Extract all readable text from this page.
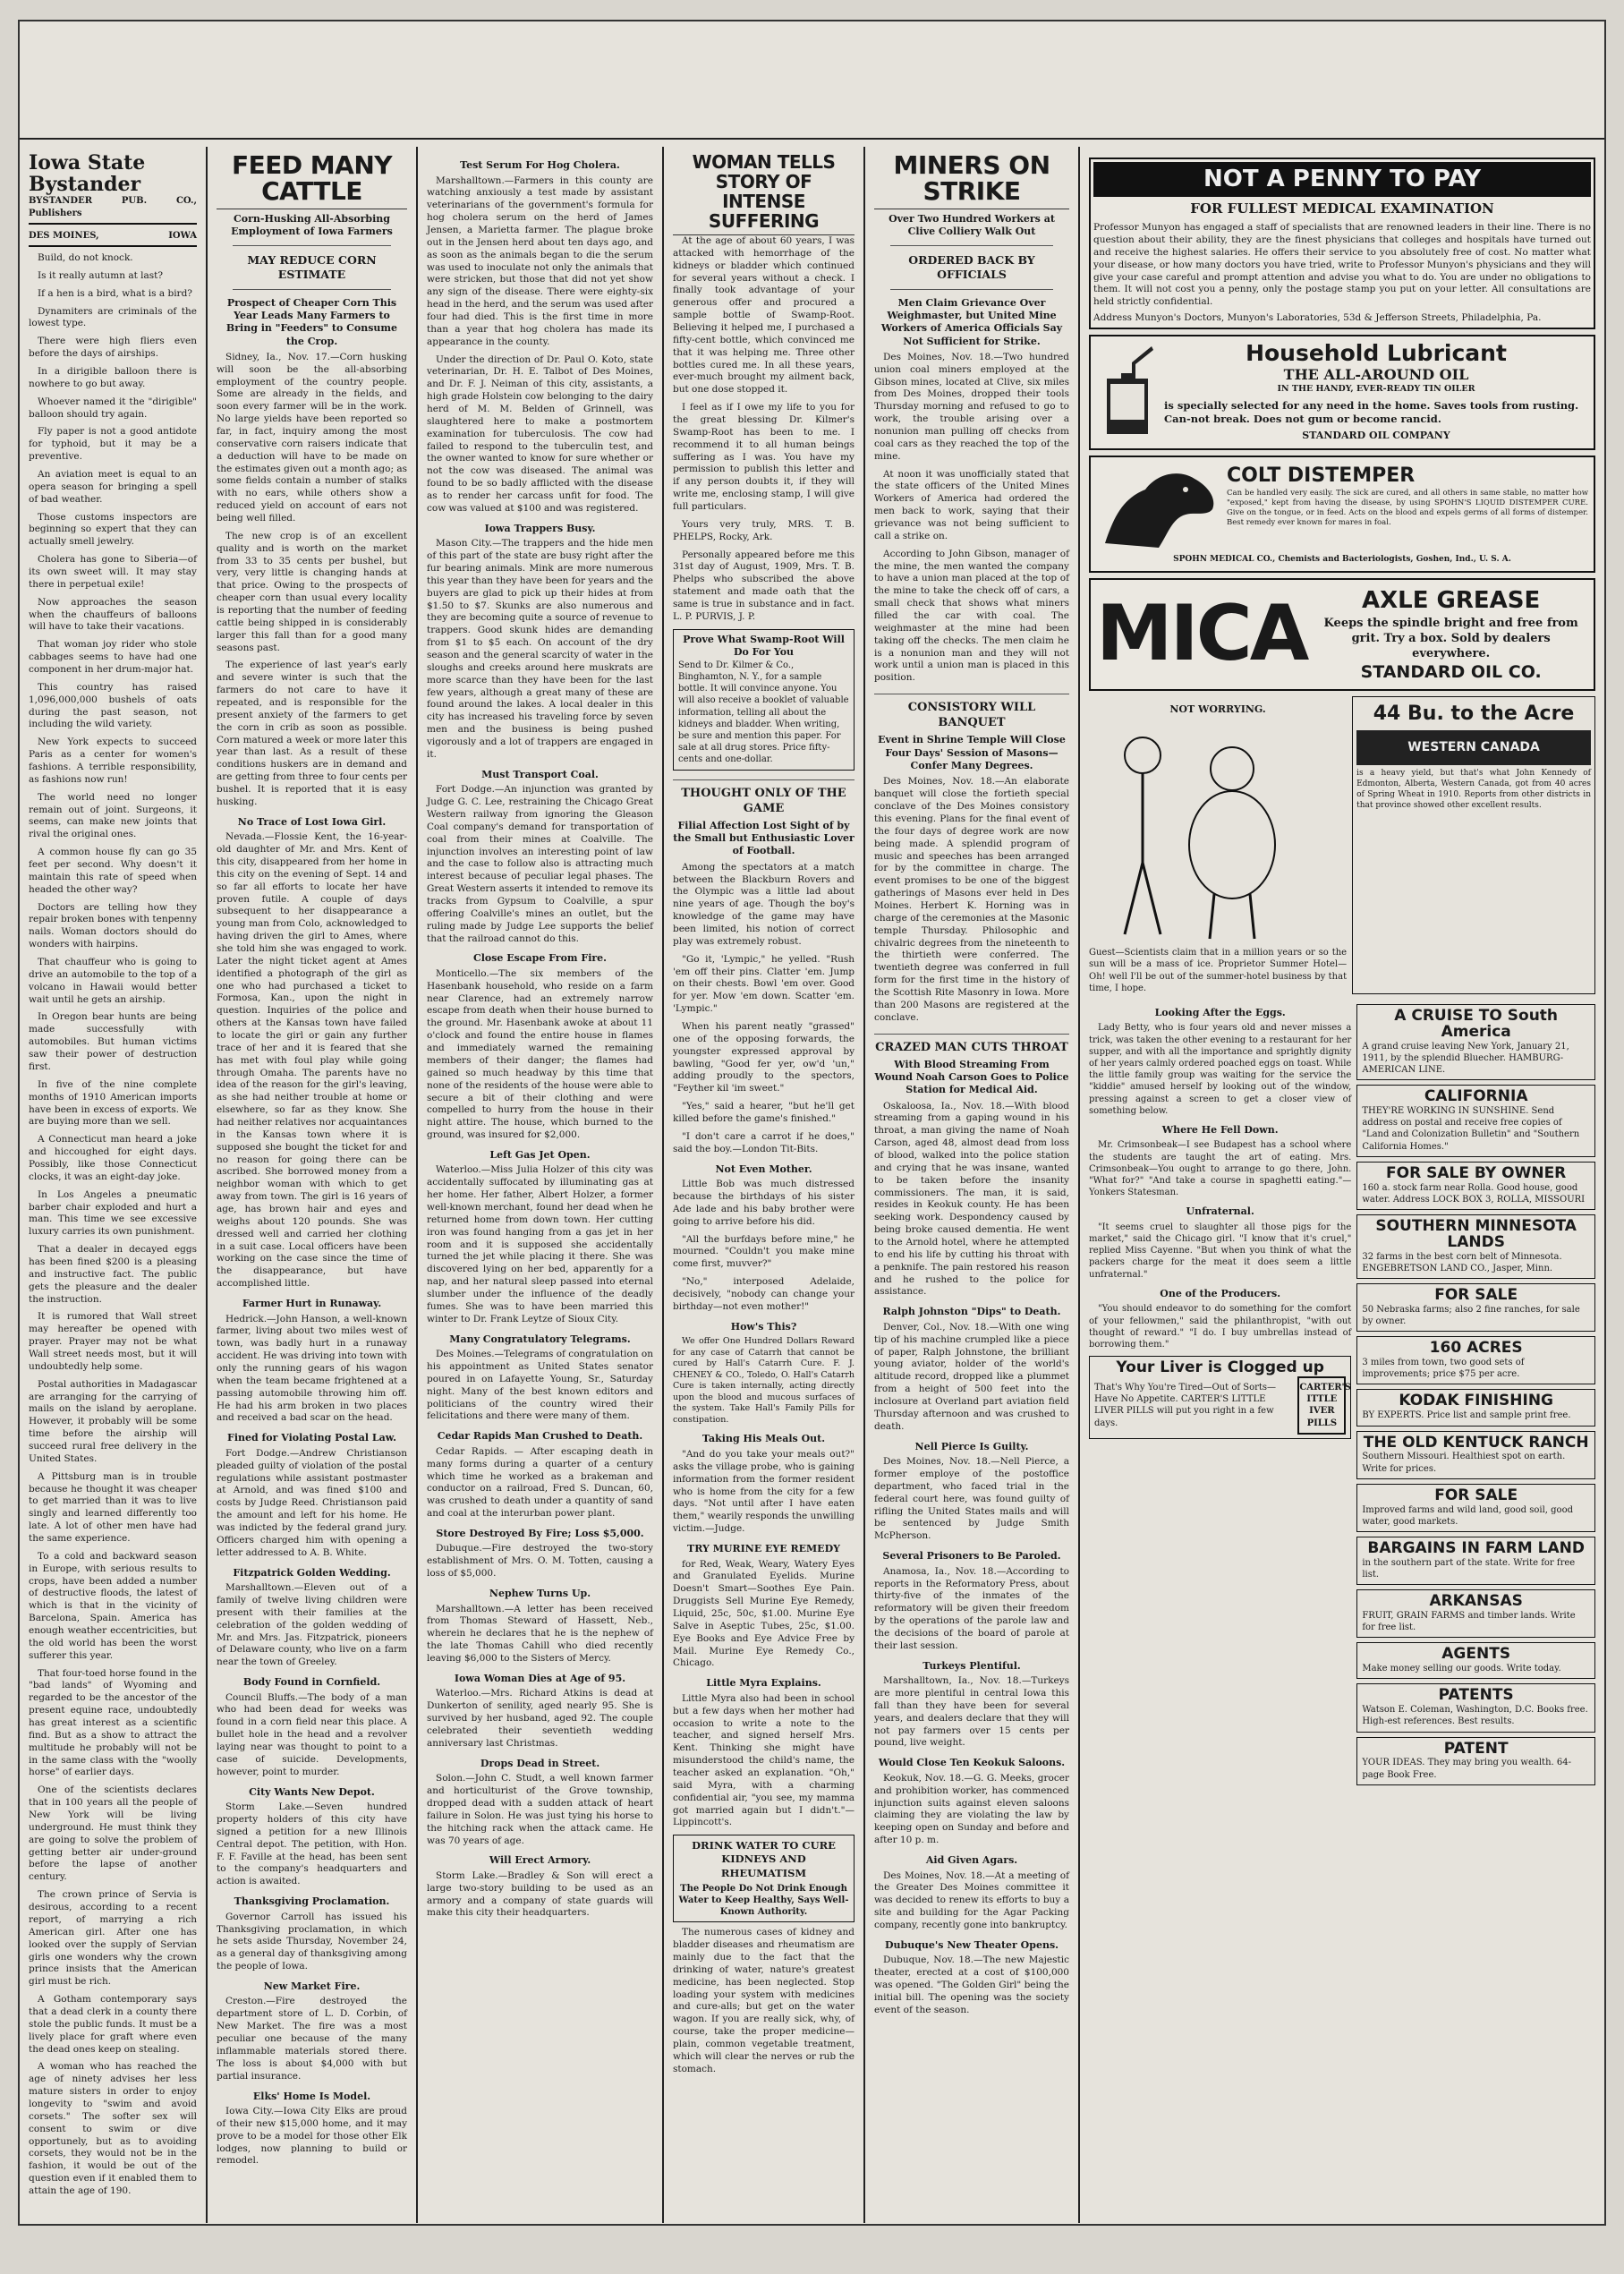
Iowa State Bystander
BYSTANDER PUB. CO., Publishers
DES MOINES,	IOWA

Build, do not knock.

Is it really autumn at last?

If a hen is a bird, what is a bird?

Dynamiters are criminals of the lowest type.

There were high fliers even before the days of airships.

In a dirigible balloon there is nowhere to go but away.

Whoever named it the "dirigible" balloon should try again.

Fly paper is not a good antidote for typhoid, but it may be a preventive.

An aviation meet is equal to an opera season for bringing a spell of bad weather.

Those customs inspectors are beginning so expert that they can actually smell jewelry.

Cholera has gone to Siberia—of its own sweet will. It may stay there in perpetual exile!

Now approaches the season when the chauffeurs of balloons will have to take their vacations.

That woman joy rider who stole cabbages seems to have had one component in her drum-major hat.

This country has raised 1,096,000,000 bushels of oats during the past season, not including the wild variety.

New York expects to succeed Paris as a center for women's fashions. A terrible responsibility, as fashions now run!

The world need no longer remain out of joint. Surgeons, it seems, can make new joints that rival the original ones.

A common house fly can go 35 feet per second. Why doesn't it maintain this rate of speed when headed the other way?

Doctors are telling how they repair broken bones with tenpenny nails. Woman doctors should do wonders with hairpins.

That chauffeur who is going to drive an automobile to the top of a volcano in Hawaii would better wait until he gets an airship.

In Oregon bear hunts are being made successfully with automobiles. But human victims saw their power of destruction first.

In five of the nine complete months of 1910 American imports have been in excess of exports. We are buying more than we sell.

A Connecticut man heard a joke and hiccoughed for eight days. Possibly, like those Connecticut clocks, it was an eight-day joke.

In Los Angeles a pneumatic barber chair exploded and hurt a man. This time we see excessive luxury carries its own punishment.

That a dealer in decayed eggs has been fined $200 is a pleasing and instructive fact. The public gets the pleasure and the dealer the instruction.

It is rumored that Wall street may hereafter be opened with prayer. Prayer may not be what Wall street needs most, but it will undoubtedly help some.

Postal authorities in Madagascar are arranging for the carrying of mails on the island by aeroplane. However, it probably will be some time before the airship will succeed rural free delivery in the United States.

A Pittsburg man is in trouble because he thought it was cheaper to get married than it was to live singly and learned differently too late. A lot of other men have had the same experience.

To a cold and backward season in Europe, with serious results to crops, have been added a number of destructive floods, the latest of which is that in the vicinity of Barcelona, Spain. America has enough weather eccentricities, but the old world has been the worst sufferer this year.

That four-toed horse found in the "bad lands" of Wyoming and regarded to be the ancestor of the present equine race, undoubtedly has great interest as a scientific find. But as a show to attract the multitude he probably will not be in the same class with the "woolly horse" of earlier days.

One of the scientists declares that in 100 years all the people of New York will be living underground. He must think they are going to solve the problem of getting better air under-ground before the lapse of another century.

The crown prince of Servia is desirous, according to a recent report, of marrying a rich American girl. After one has looked over the supply of Servian girls one wonders why the crown prince insists that the American girl must be rich.

A Gotham contemporary says that a dead clerk in a county there stole the public funds. It must be a lively place for graft where even the dead ones keep on stealing.

A woman who has reached the age of ninety advises her less mature sisters in order to enjoy longevity to "swim and avoid corsets." The softer sex will consent to swim or dive opportunely, but as to avoiding corsets, they would not be in the fashion, it would be out of the question even if it enabled them to attain the age of 190.

FEED MANY CATTLE
Corn-Husking All-Absorbing Employment of Iowa Farmers
MAY REDUCE CORN ESTIMATE
Prospect of Cheaper Corn This Year Leads Many Farmers to Bring in "Feeders" to Consume the Crop.

Sidney, Ia., Nov. 17.—Corn husking will soon be the all-absorbing employment of the country people. Some are already in the fields, and soon every farmer will be in the work. No large yields have been reported so far, in fact, inquiry among the most conservative corn raisers indicate that a deduction will have to be made on the estimates given out a month ago; as some fields contain a number of stalks with no ears, while others show a reduced yield on account of ears not being well filled.

The new crop is of an excellent quality and is worth on the market from 33 to 35 cents per bushel, but very, very little is changing hands at that price. Owing to the prospects of cheaper corn than usual every locality is reporting that the number of feeding cattle being shipped in is considerably larger this fall than for a good many seasons past.

The experience of last year's early and severe winter is such that the farmers do not care to have it repeated, and is responsible for the present anxiety of the farmers to get the corn in crib as soon as possible. Corn matured a week or more later this year than last. As a result of these conditions huskers are in demand and are getting from three to four cents per bushel. It is reported that it is easy husking.

No Trace of Lost Iowa Girl.

Nevada.—Flossie Kent, the 16-year-old daughter of Mr. and Mrs. Kent of this city, disappeared from her home in this city on the evening of Sept. 14 and so far all efforts to locate her have proven futile. A couple of days subsequent to her disappearance a young man from Colo, acknowledged to having driven the girl to Ames, where she told him she was engaged to work. Later the night ticket agent at Ames identified a photograph of the girl as one who had purchased a ticket to Formosa, Kan., upon the night in question. Inquiries of the police and others at the Kansas town have failed to locate the girl or gain any further trace of her and it is feared that she has met with foul play while going through Omaha. The parents have no idea of the reason for the girl's leaving, as she had neither trouble at home or elsewhere, so far as they know. She had neither relatives nor acquaintances in the Kansas town where it is supposed she bought the ticket for and no reason for going there can be ascribed. She borrowed money from a neighbor woman with which to get away from town. The girl is 16 years of age, has brown hair and eyes and weighs about 120 pounds. She was dressed well and carried her clothing in a suit case. Local officers have been working on the case since the time of the disappearance, but have accomplished little.

Farmer Hurt in Runaway.

Hedrick.—John Hanson, a well-known farmer, living about two miles west of town, was badly hurt in a runaway accident. He was driving into town with only the running gears of his wagon when the team became frightened at a passing automobile throwing him off. He had his arm broken in two places and received a bad scar on the head.

Fined for Violating Postal Law.

Fort Dodge.—Andrew Christianson pleaded guilty of violation of the postal regulations while assistant postmaster at Arnold, and was fined $100 and costs by Judge Reed. Christianson paid the amount and left for his home. He was indicted by the federal grand jury. Officers charged him with opening a letter addressed to A. B. White.

Fitzpatrick Golden Wedding.

Marshalltown.—Eleven out of a family of twelve living children were present with their families at the celebration of the golden wedding of Mr. and Mrs. Jas. Fitzpatrick, pioneers of Delaware county, who live on a farm near the town of Greeley.

Body Found in Cornfield.

Council Bluffs.—The body of a man who had been dead for weeks was found in a corn field near this place. A bullet hole in the head and a revolver laying near was thought to point to a case of suicide. Developments, however, point to murder.

City Wants New Depot.

Storm Lake.—Seven hundred property holders of this city have signed a petition for a new Illinois Central depot. The petition, with Hon. F. F. Faville at the head, has been sent to the company's headquarters and action is awaited.

Thanksgiving Proclamation.

Governor Carroll has issued his Thanksgiving proclamation, in which he sets aside Thursday, November 24, as a general day of thanksgiving among the people of Iowa.

New Market Fire.

Creston.—Fire destroyed the department store of L. D. Corbin, of New Market. The fire was a most peculiar one because of the many inflammable materials stored there. The loss is about $4,000 with but partial insurance.

Elks' Home Is Model.

Iowa City.—Iowa City Elks are proud of their new $15,000 home, and it may prove to be a model for those other Elk lodges, now planning to build or remodel.

Test Serum For Hog Cholera.

Marshalltown.—Farmers in this county are watching anxiously a test made by assistant veterinarians of the government's formula for hog cholera serum on the herd of James Jensen, a Marietta farmer. The plague broke out in the Jensen herd about ten days ago, and as soon as the animals began to die the serum was used to inoculate not only the animals that were stricken, but those that did not yet show any sign of the disease. There were eighty-six head in the herd, and the serum was used after four had died. This is the first time in more than a year that hog cholera has made its appearance in the county.

Under the direction of Dr. Paul O. Koto, state veterinarian, Dr. H. E. Talbot of Des Moines, and Dr. F. J. Neiman of this city, assistants, a high grade Holstein cow belonging to the dairy herd of M. M. Belden of Grinnell, was slaughtered here to make a postmortem examination for tuberculosis. The cow had failed to respond to the tuberculin test, and the owner wanted to know for sure whether or not the cow was diseased. The animal was found to be so badly afflicted with the disease as to render her carcass unfit for food. The cow was valued at $100 and was registered.

Iowa Trappers Busy.

Mason City.—The trappers and the hide men of this part of the state are busy right after the fur bearing animals. Mink are more numerous this year than they have been for years and the buyers are glad to pick up their hides at from $1.50 to $7. Skunks are also numerous and they are becoming quite a source of revenue to trappers. Good skunk hides are demanding from $1 to $5 each. On account of the dry season and the general scarcity of water in the sloughs and creeks around here muskrats are more scarce than they have been for the last few years, although a great many of these are found around the lakes. A local dealer in this city has increased his traveling force by seven men and the business is being pushed vigorously and a lot of trappers are engaged in it.

Must Transport Coal.

Fort Dodge.—An injunction was granted by Judge G. C. Lee, restraining the Chicago Great Western railway from ignoring the Gleason Coal company's demand for transportation of coal from their mines at Coalville. The injunction involves an interesting point of law and the case to follow also is attracting much interest because of peculiar legal phases. The Great Western asserts it intended to remove its tracks from Gypsum to Coalville, a spur offering Coalville's mines an outlet, but the ruling made by Judge Lee supports the belief that the railroad cannot do this.

Close Escape From Fire.

Monticello.—The six members of the Hasenbank household, who reside on a farm near Clarence, had an extremely narrow escape from death when their house burned to the ground. Mr. Hasenbank awoke at about 11 o'clock and found the entire house in flames and immediately warned the remaining members of their danger; the flames had gained so much headway by this time that none of the residents of the house were able to secure a bit of their clothing and were compelled to hurry from the house in their night attire. The house, which burned to the ground, was insured for $2,000.

Left Gas Jet Open.

Waterloo.—Miss Julia Holzer of this city was accidentally suffocated by illuminating gas at her home. Her father, Albert Holzer, a former well-known merchant, found her dead when he returned home from down town. Her cutting iron was found hanging from a gas jet in her room and it is supposed she accidentally turned the jet while placing it there. She was discovered lying on her bed, apparently for a nap, and her natural sleep passed into eternal slumber under the influence of the deadly fumes. She was to have been married this winter to Dr. Frank Leytze of Sioux City.

Many Congratulatory Telegrams.

Des Moines.—Telegrams of congratulation on his appointment as United States senator poured in on Lafayette Young, Sr., Saturday night. Many of the best known editors and politicians of the country wired their felicitations and there were many of them.

Cedar Rapids Man Crushed to Death.

Cedar Rapids. — After escaping death in many forms during a quarter of a century which time he worked as a brakeman and conductor on a railroad, Fred S. Duncan, 60, was crushed to death under a quantity of sand and coal at the interurban power plant.

Store Destroyed By Fire; Loss $5,000.

Dubuque.—Fire destroyed the two-story establishment of Mrs. O. M. Totten, causing a loss of $5,000.

Nephew Turns Up.

Marshalltown.—A letter has been received from Thomas Steward of Hassett, Neb., wherein he declares that he is the nephew of the late Thomas Cahill who died recently leaving $6,000 to the Sisters of Mercy.

Iowa Woman Dies at Age of 95.

Waterloo.—Mrs. Richard Atkins is dead at Dunkerton of senility, aged nearly 95. She is survived by her husband, aged 92. The couple celebrated their seventieth wedding anniversary last Christmas.

Drops Dead in Street.

Solon.—John C. Studt, a well known farmer and horticulturist of the Grove township, dropped dead with a sudden attack of heart failure in Solon. He was just tying his horse to the hitching rack when the attack came. He was 70 years of age.

Will Erect Armory.

Storm Lake.—Bradley & Son will erect a large two-story building to be used as an armory and a company of state guards will make this city their headquarters.

WOMAN TELLS STORY OF INTENSE SUFFERING

At the age of about 60 years, I was attacked with hemorrhage of the kidneys or bladder which continued for several years without a check. I finally took advantage of your generous offer and procured a sample bottle of Swamp-Root. Believing it helped me, I purchased a fifty-cent bottle, which convinced me that it was helping me. Three other bottles cured me. In all these years, ever-much brought my ailment back, but one dose stopped it.

I feel as if I owe my life to you for the great blessing Dr. Kilmer's Swamp-Root has been to me. I recommend it to all human beings suffering as I was. You have my permission to publish this letter and if any person doubts it, if they will write me, enclosing stamp, I will give full particulars.

Yours very truly, MRS. T. B. PHELPS, Rocky, Ark.

Personally appeared before me this 31st day of August, 1909, Mrs. T. B. Phelps who subscribed the above statement and made oath that the same is true in substance and in fact. L. P. PURVIS, J. P.

Prove What Swamp-Root Will Do For You
Send to Dr. Kilmer & Co., Binghamton, N. Y., for a sample bottle. It will convince anyone. You will also receive a booklet of valuable information, telling all about the kidneys and bladder. When writing, be sure and mention this paper. For sale at all drug stores. Price fifty-cents and one-dollar.
THOUGHT ONLY OF THE GAME
Filial Affection Lost Sight of by the Small but Enthusiastic Lover of Football.

Among the spectators at a match between the Blackburn Rovers and the Olympic was a little lad about nine years of age. Though the boy's knowledge of the game may have been limited, his notion of correct play was extremely robust.

"Go it, 'Lympic," he yelled. "Rush 'em off their pins. Clatter 'em. Jump on their chests. Bowl 'em over. Good for yer. Mow 'em down. Scatter 'em. 'Lympic."

When his parent neatly "grassed" one of the opposing forwards, the youngster expressed approval by bawling, "Good fer yer, ow'd 'un," adding proudly to the spectors, "Feyther kil 'im sweet."

"Yes," said a hearer, "but he'll get killed before the game's finished."

"I don't care a carrot if he does," said the boy.—London Tit-Bits.

Not Even Mother.

Little Bob was much distressed because the birthdays of his sister Ade lade and his baby brother were going to arrive before his did.

"All the burfdays before mine," he mourned. "Couldn't you make mine come first, muvver?"

"No," interposed Adelaide, decisively, "nobody can change your birthday—not even mother!"

How's This?

We offer One Hundred Dollars Reward for any case of Catarrh that cannot be cured by Hall's Catarrh Cure. F. J. CHENEY & CO., Toledo, O. Hall's Catarrh Cure is taken internally, acting directly upon the blood and mucous surfaces of the system. Take Hall's Family Pills for constipation.

Taking His Meals Out.

"And do you take your meals out?" asks the village probe, who is gaining information from the former resident who is home from the city for a few days. "Not until after I have eaten them," wearily responds the unwilling victim.—Judge.

TRY MURINE EYE REMEDY

for Red, Weak, Weary, Watery Eyes and Granulated Eyelids. Murine Doesn't Smart—Soothes Eye Pain. Druggists Sell Murine Eye Remedy, Liquid, 25c, 50c, $1.00. Murine Eye Salve in Aseptic Tubes, 25c, $1.00. Eye Books and Eye Advice Free by Mail. Murine Eye Remedy Co., Chicago.

Little Myra Explains.

Little Myra also had been in school but a few days when her mother had occasion to write a note to the teacher, and signed herself Mrs. Kent. Thinking she might have misunderstood the child's name, the teacher asked an explanation. "Oh," said Myra, with a charming confidential air, "you see, my mamma got married again but I didn't."—Lippincott's.

DRINK WATER TO CURE KIDNEYS AND RHEUMATISM
The People Do Not Drink Enough Water to Keep Healthy, Says Well-Known Authority.

The numerous cases of kidney and bladder diseases and rheumatism are mainly due to the fact that the drinking of water, nature's greatest medicine, has been neglected. Stop loading your system with medicines and cure-alls; but get on the water wagon. If you are really sick, why, of course, take the proper medicine—plain, common vegetable treatment, which will clear the nerves or rub the stomach.

MINERS ON STRIKE
Over Two Hundred Workers at Clive Colliery Walk Out
ORDERED BACK BY OFFICIALS
Men Claim Grievance Over Weighmaster, but United Mine Workers of America Officials Say Not Sufficient for Strike.

Des Moines, Nov. 18.—Two hundred union coal miners employed at the Gibson mines, located at Clive, six miles from Des Moines, dropped their tools Thursday morning and refused to go to work, the trouble arising over a nonunion man pulling off checks from coal cars as they reached the top of the mine.

At noon it was unofficially stated that the state officers of the United Mines Workers of America had ordered the men back to work, saying that their grievance was not being sufficient to call a strike on.

According to John Gibson, manager of the mine, the men wanted the company to have a union man placed at the top of the mine to take the check off of cars, a small check that shows what miners filled the car with coal. The weighmaster at the mine had been taking off the checks. The men claim he is a nonunion man and they will not work until a union man is placed in this position.

CONSISTORY WILL BANQUET
Event in Shrine Temple Will Close Four Days' Session of Masons—Confer Many Degrees.

Des Moines, Nov. 18.—An elaborate banquet will close the fortieth special conclave of the Des Moines consistory this evening. Plans for the final event of the four days of degree work are now being made. A splendid program of music and speeches has been arranged for by the committee in charge. The event promises to be one of the biggest gatherings of Masons ever held in Des Moines. Herbert K. Horning was in charge of the ceremonies at the Masonic temple Thursday. Philosophic and chivalric degrees from the nineteenth to the thirtieth were conferred. The twentieth degree was conferred in full form for the first time in the history of the Scottish Rite Masonry in Iowa. More than 200 Masons are registered at the conclave.

CRAZED MAN CUTS THROAT
With Blood Streaming From Wound Noah Carson Goes to Police Station for Medical Aid.

Oskaloosa, Ia., Nov. 18.—With blood streaming from a gaping wound in his throat, a man giving the name of Noah Carson, aged 48, almost dead from loss of blood, walked into the police station and crying that he was insane, wanted to be taken before the insanity commissioners. The man, it is said, resides in Keokuk county. He has been seeking work. Despondency caused by being broke caused dementia. He went to the Arnold hotel, where he attempted to end his life by cutting his throat with a penknife. The pain restored his reason and he rushed to the police for assistance.

Ralph Johnston "Dips" to Death.

Denver, Col., Nov. 18.—With one wing tip of his machine crumpled like a piece of paper, Ralph Johnstone, the brilliant young aviator, holder of the world's altitude record, dropped like a plummet from a height of 500 feet into the inclosure at Overland part aviation field Thursday afternoon and was crushed to death.

Nell Pierce Is Guilty.

Des Moines, Nov. 18.—Nell Pierce, a former employe of the postoffice department, who faced trial in the federal court here, was found guilty of rifling the United States mails and will be sentenced by Judge Smith McPherson.

Several Prisoners to Be Paroled.

Anamosa, Ia., Nov. 18.—According to reports in the Reformatory Press, about thirty-five of the inmates of the reformatory will be given their freedom by the operations of the parole law and the decisions of the board of parole at their last session.

Turkeys Plentiful.

Marshalltown, Ia., Nov. 18.—Turkeys are more plentiful in central Iowa this fall than they have been for several years, and dealers declare that they will not pay farmers over 15 cents per pound, live weight.

Would Close Ten Keokuk Saloons.

Keokuk, Nov. 18.—G. G. Meeks, grocer and prohibition worker, has commenced injunction suits against eleven saloons claiming they are violating the law by keeping open on Sunday and before and after 10 p. m.

Aid Given Agars.

Des Moines, Nov. 18.—At a meeting of the Greater Des Moines committee it was decided to renew its efforts to buy a site and building for the Agar Packing company, recently gone into bankruptcy.

Dubuque's New Theater Opens.

Dubuque, Nov. 18.—The new Majestic theater, erected at a cost of $100,000 was opened. "The Golden Girl" being the initial bill. The opening was the society event of the season.

NOT A PENNY TO PAY
FOR FULLEST MEDICAL EXAMINATION
Professor Munyon has engaged a staff of specialists that are renowned leaders in their line. There is no question about their ability, they are the finest physicians that colleges and hospitals have turned out and receive the highest salaries. He offers their service to you absolutely free of cost. No matter what your disease, or how many doctors you have tried, write to Professor Munyon's physicians and they will give your case careful and prompt attention and advise you what to do. You are under no obligations to them. It will not cost you a penny, only the postage stamp you put on your letter. All consultations are held strictly confidential.
Address Munyon's Doctors, Munyon's Laboratories, 53d & Jefferson Streets, Philadelphia, Pa.
Household Lubricant
THE ALL-AROUND OIL
IN THE HANDY, EVER-READY TIN OILER
is specially selected for any need in the home. Saves tools from rusting. Can-not break. Does not gum or become rancid.
STANDARD OIL COMPANY
COLT DISTEMPER
Can be handled very easily. The sick are cured, and all others in same stable, no matter how "exposed," kept from having the disease, by using SPOHN'S LIQUID DISTEMPER CURE. Give on the tongue, or in feed. Acts on the blood and expels germs of all forms of distemper. Best remedy ever known for mares in foal.
SPOHN MEDICAL CO., Chemists and Bacteriologists, Goshen, Ind., U. S. A.
MICA	AXLE GREASE
Keeps the spindle bright and free from grit. Try a box. Sold by dealers everywhere.
STANDARD OIL CO.
NOT WORRYING.
Guest—Scientists claim that in a million years or so the sun will be a mass of ice. Proprietor Summer Hotel—Oh! well I'll be out of the summer-hotel business by that time, I hope.
44 Bu. to the Acre
WESTERN CANADA
is a heavy yield, but that's what John Kennedy of Edmonton, Alberta, Western Canada, got from 40 acres of Spring Wheat in 1910. Reports from other districts in that province showed other excellent results.
Looking After the Eggs.

Lady Betty, who is four years old and never misses a trick, was taken the other evening to a restaurant for her supper, and with all the importance and sprightly dignity of her years calmly ordered poached eggs on toast. While the little family group was waiting for the service the "kiddie" amused herself by looking out of the window, pressing against a screen to get a closer view of something below.

Where He Fell Down.

Mr. Crimsonbeak—I see Budapest has a school where the students are taught the art of eating. Mrs. Crimsonbeak—You ought to arrange to go there, John. "What for?" "And take a course in spaghetti eating."—Yonkers Statesman.

Unfraternal.

"It seems cruel to slaughter all those pigs for the market," said the Chicago girl. "I know that it's cruel," replied Miss Cayenne. "But when you think of what the packers charge for the meat it does seem a little unfraternal."

One of the Producers.

"You should endeavor to do something for the comfort of your fellowmen," said the philanthropist, "with out thought of reward." "I do. I buy umbrellas instead of borrowing them."

Your Liver is Clogged up
That's Why You're Tired—Out of Sorts—Have No Appetite. CARTER'S LITTLE LIVER PILLS will put you right in a few days.
CARTER'S ITTLE IVER PILLS
A CRUISE TO South America
A grand cruise leaving New York, January 21, 1911, by the splendid Bluecher. HAMBURG-AMERICAN LINE.
CALIFORNIA
THEY'RE WORKING IN SUNSHINE. Send address on postal and receive free copies of "Land and Colonization Bulletin" and "Southern California Homes."
FOR SALE BY OWNER
160 a. stock farm near Rolla. Good house, good water. Address LOCK BOX 3, ROLLA, MISSOURI
SOUTHERN MINNESOTA LANDS
32 farms in the best corn belt of Minnesota. ENGEBRETSON LAND CO., Jasper, Minn.
FOR SALE
50 Nebraska farms; also 2 fine ranches, for sale by owner.
160 ACRES
3 miles from town, two good sets of improvements; price $75 per acre.
KODAK FINISHING
BY EXPERTS. Price list and sample print free.
THE OLD KENTUCK RANCH
Southern Missouri. Healthiest spot on earth. Write for prices.
FOR SALE
Improved farms and wild land, good soil, good water, good markets.
BARGAINS IN FARM LAND
in the southern part of the state. Write for free list.
ARKANSAS
FRUIT, GRAIN FARMS and timber lands. Write for free list.
AGENTS
Make money selling our goods. Write today.
PATENTS
Watson E. Coleman, Washington, D.C. Books free. High-est references. Best results.
PATENT
YOUR IDEAS. They may bring you wealth. 64-page Book Free.
